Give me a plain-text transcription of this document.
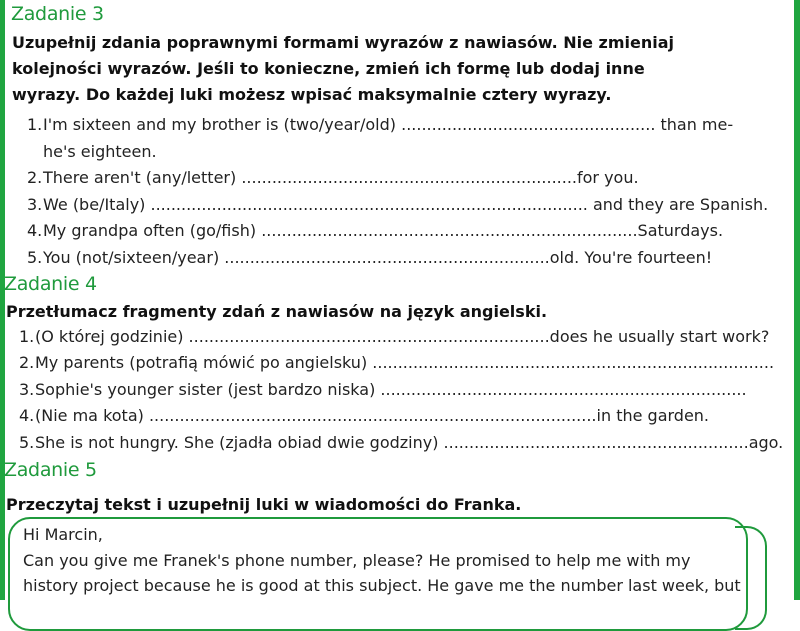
Zadanie 3
Uzupełnij zdania poprawnymi formami wyrazów z nawiasów. Nie zmieniaj
kolejności wyrazów. Jeśli to konieczne, zmień ich formę lub dodaj inne
wyrazy. Do każdej luki możesz wpisać maksymalnie cztery wyrazy.
1.I'm sixteen and my brother is (two/year/old) .................................................. than me-
he's eighteen.
2.There aren't (any/letter) ..................................................................for you.
3.We (be/Italy) ...................................................................................... and they are Spanish.
4.My grandpa often (go/fish) ..........................................................................Saturdays.
5.You (not/sixteen/year) ................................................................old. You're fourteen!
Zadanie 4
Przetłumacz fragmenty zdań z nawiasów na język angielski.
1.(O której godzinie) .......................................................................does he usually start work?
2.My parents (potrafią mówić po angielsku) ...............................................................................
3.Sophie's younger sister (jest bardzo niska) ........................................................................
4.(Nie ma kota) ........................................................................................in the garden.
5.She is not hungry. She (zjadła obiad dwie godziny) ............................................................ago.
Zadanie 5
Przeczytaj tekst i uzupełnij luki w wiadomości do Franka.
Hi Marcin,
Can you give me Franek's phone number, please? He promised to help me with my
history project because he is good at this subject. He gave me the number last week, but
